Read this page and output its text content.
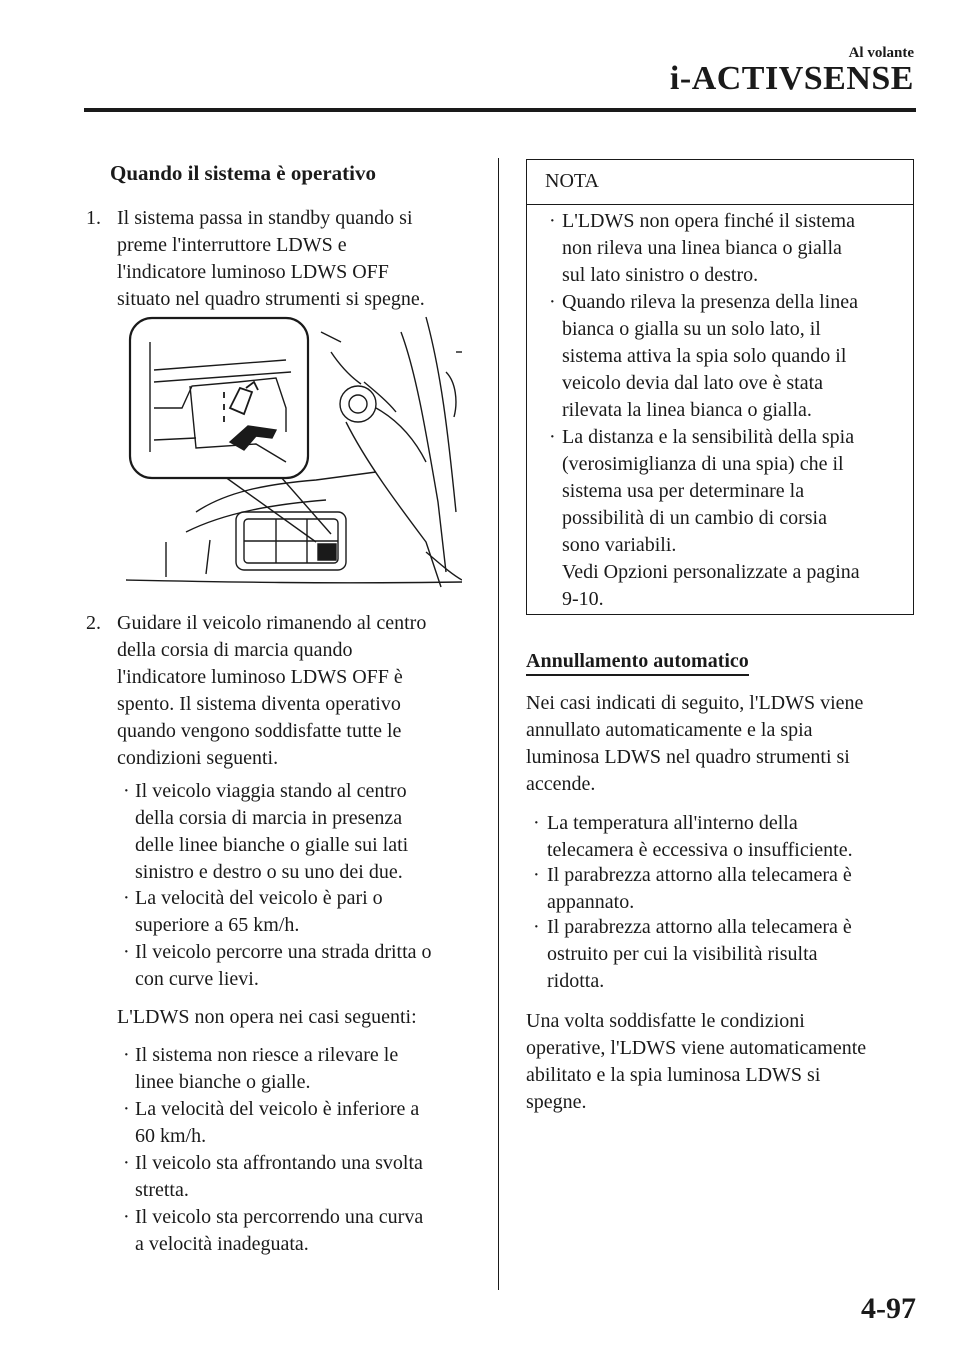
Al volante
i-ACTIVSENSE
Quando il sistema è operativo
1. Il sistema passa in standby quando si
preme l'interruttore LDWS e
l'indicatore luminoso LDWS OFF
situato nel quadro strumenti si spegne.
2. Guidare il veicolo rimanendo al centro
della corsia di marcia quando
l'indicatore luminoso LDWS OFF è
spento. Il sistema diventa operativo
quando vengono soddisfatte tutte le
condizioni seguenti.
· Il veicolo viaggia stando al centro
della corsia di marcia in presenza
delle linee bianche o gialle sui lati
sinistro e destro o su uno dei due.
· La velocità del veicolo è pari o
superiore a 65 km/h.
· Il veicolo percorre una strada dritta o
con curve lievi.
L'LDWS non opera nei casi seguenti:
· Il sistema non riesce a rilevare le
linee bianche o gialle.
· La velocità del veicolo è inferiore a
60 km/h.
· Il veicolo sta affrontando una svolta
stretta.
· Il veicolo sta percorrendo una curva
a velocità inadeguata.
NOTA
· L'LDWS non opera finché il sistema
non rileva una linea bianca o gialla
sul lato sinistro o destro.
· Quando rileva la presenza della linea
bianca o gialla su un solo lato, il
sistema attiva la spia solo quando il
veicolo devia dal lato ove è stata
rilevata la linea bianca o gialla.
· La distanza e la sensibilità della spia
(verosimiglianza di una spia) che il
sistema usa per determinare la
possibilità di un cambio di corsia
sono variabili.
Vedi Opzioni personalizzate a pagina
9-10.
Annullamento automatico
Nei casi indicati di seguito, l'LDWS viene
annullato automaticamente e la spia
luminosa LDWS nel quadro strumenti si
accende.
· La temperatura all'interno della
telecamera è eccessiva o insufficiente.
· Il parabrezza attorno alla telecamera è
appannato.
· Il parabrezza attorno alla telecamera è
ostruito per cui la visibilità risulta
ridotta.
Una volta soddisfatte le condizioni
operative, l'LDWS viene automaticamente
abilitato e la spia luminosa LDWS si
spegne.
4-97
